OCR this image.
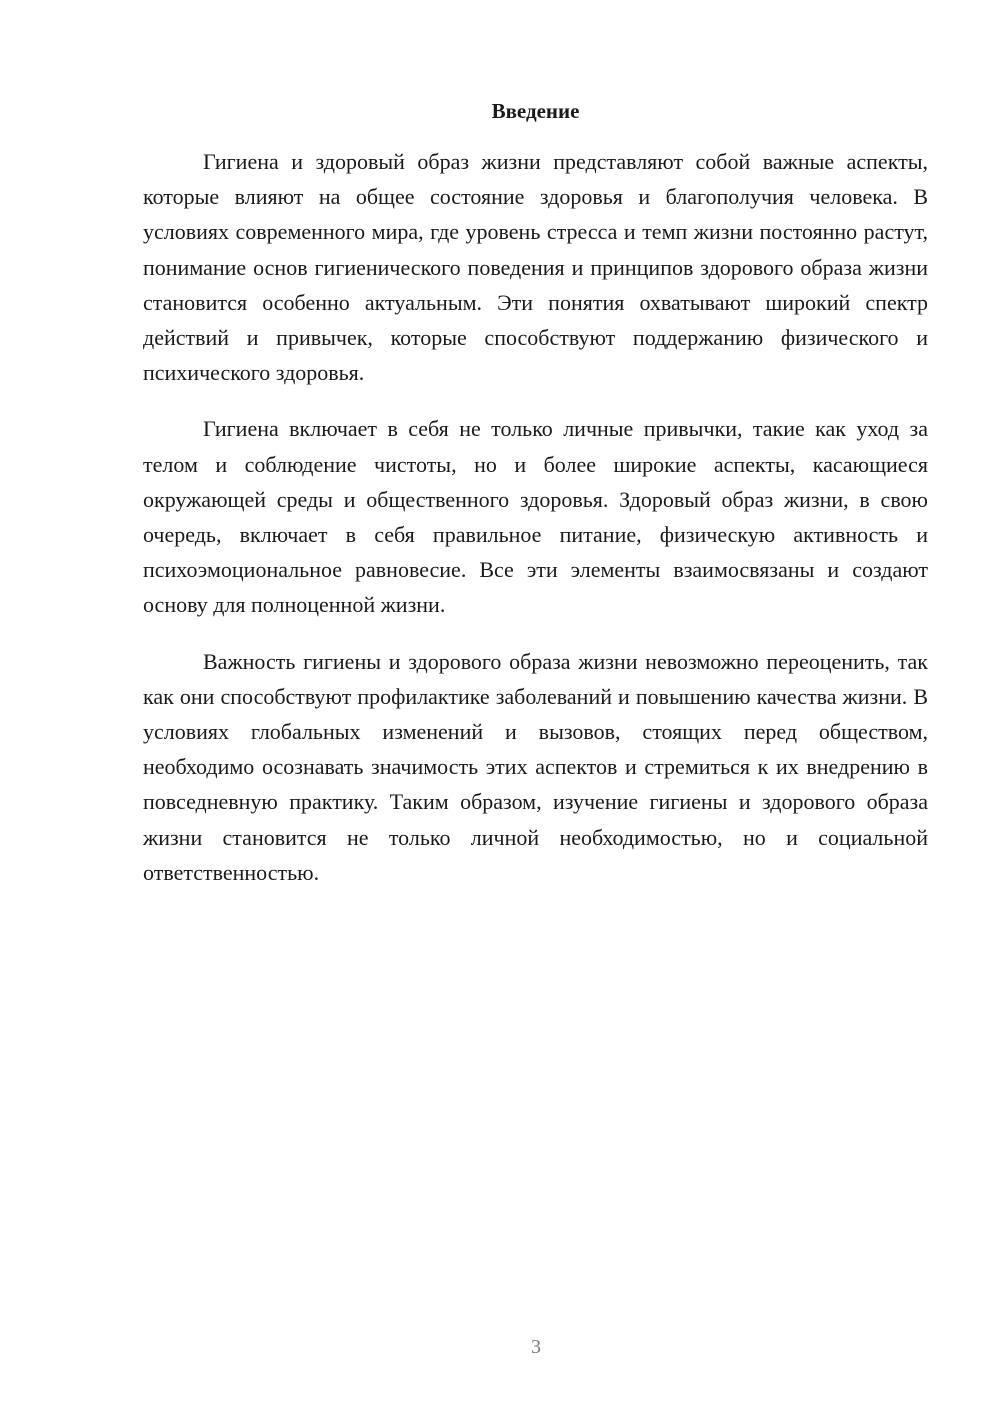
Введение

Гигиена и здоровый образ жизни представляют собой важные аспекты, которые влияют на общее состояние здоровья и благополучия человека. В условиях современного мира, где уровень стресса и темп жизни постоянно растут, понимание основ гигиенического поведения и принципов здорового образа жизни становится особенно актуальным. Эти понятия охватывают широкий спектр действий и привычек, которые способствуют поддержанию физического и психического здоровья.

Гигиена включает в себя не только личные привычки, такие как уход за телом и соблюдение чистоты, но и более широкие аспекты, касающиеся окружающей среды и общественного здоровья. Здоровый образ жизни, в свою очередь, включает в себя правильное питание, физическую активность и психоэмоциональное равновесие. Все эти элементы взаимосвязаны и создают основу для полноценной жизни.

Важность гигиены и здорового образа жизни невозможно переоценить, так как они способствуют профилактике заболеваний и повышению качества жизни. В условиях глобальных изменений и вызовов, стоящих перед обществом, необходимо осознавать значимость этих аспектов и стремиться к их внедрению в повседневную практику. Таким образом, изучение гигиены и здорового образа жизни становится не только личной необходимостью, но и социальной ответственностью.

3
